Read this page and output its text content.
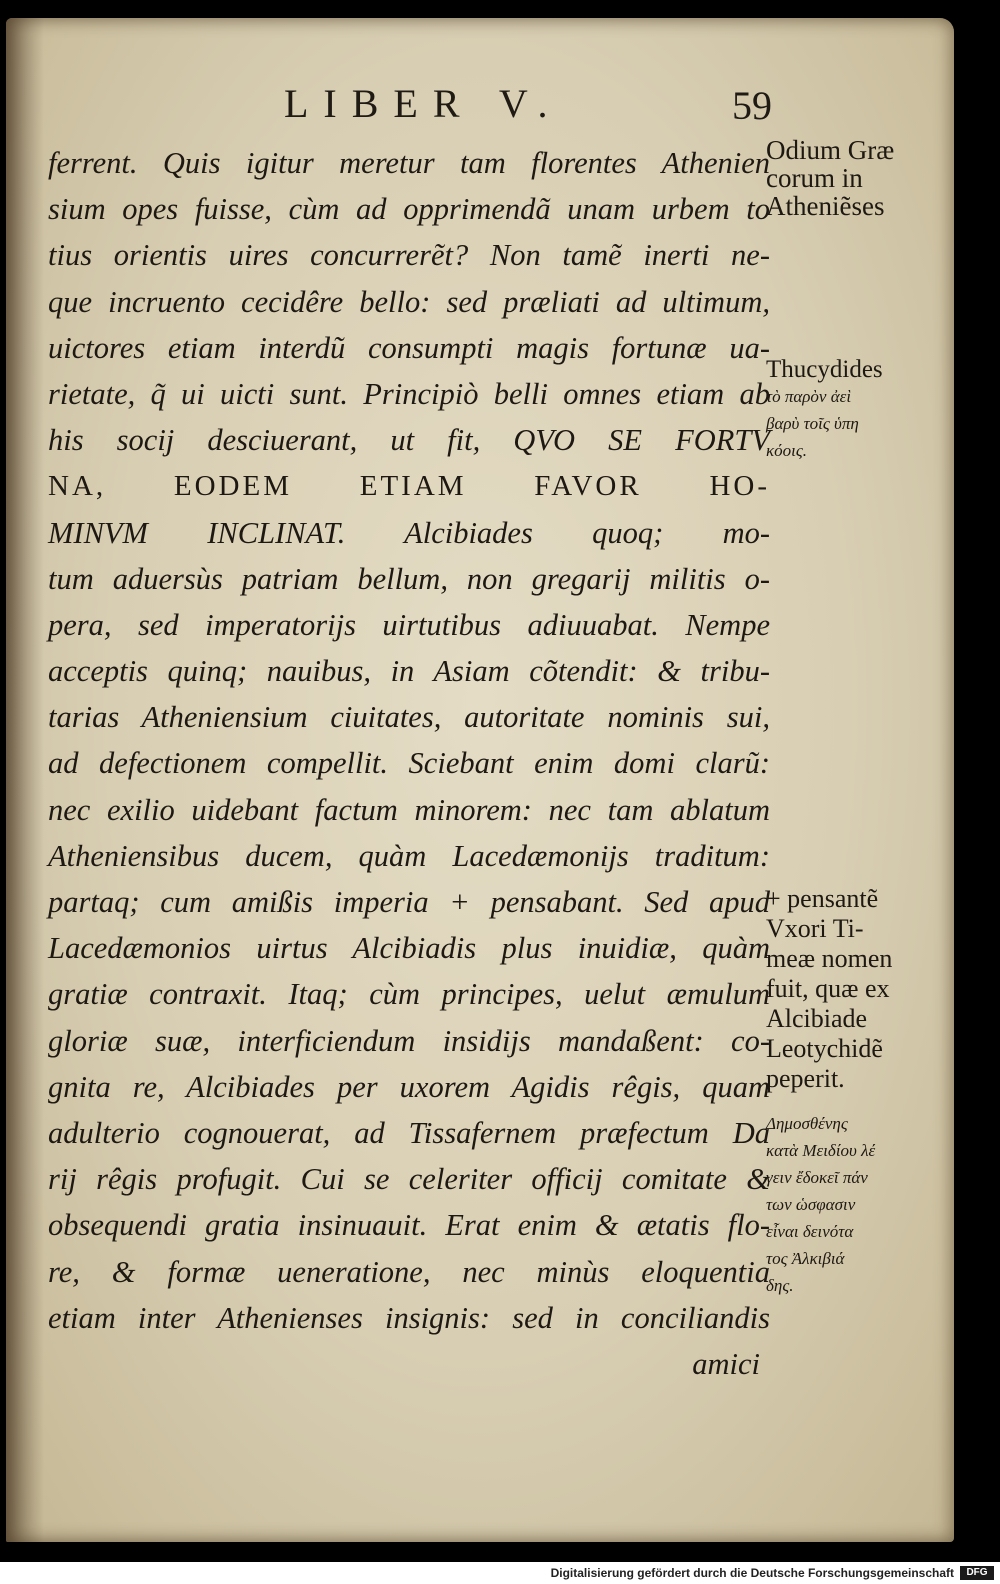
LIBER V.	59
ferrent. Quis igitur meretur tam florentes Athenien
sium opes fuisse, cùm ad opprimendã unam urbem to
tius orientis uires concurrerẽt? Non tamẽ inerti ne-
que incruento cecidêre bello: sed præliati ad ultimum,
uictores etiam interdũ consumpti magis fortunæ ua-
rietate, q̃ ui uicti sunt. Principiò belli omnes etiam ab
his socij desciuerant, ut fit, QVO SE FORTV
NA, EODEM ETIAM FAVOR HO-
MINVM INCLINAT. Alcibiades quoq; mo-
tum aduersùs patriam bellum, non gregarij militis o-
pera, sed imperatorijs uirtutibus adiuuabat. Nempe
acceptis quinq; nauibus, in Asiam cõtendit: & tribu-
tarias Atheniensium ciuitates, autoritate nominis sui,
ad defectionem compellit. Sciebant enim domi clarũ:
nec exilio uidebant factum minorem: nec tam ablatum
Atheniensibus ducem, quàm Lacedæmonijs traditum:
partaq; cum amißis imperia + pensabant. Sed apud
Lacedæmonios uirtus Alcibiadis plus inuidiæ, quàm
gratiæ contraxit. Itaq; cùm principes, uelut æmulum
gloriæ suæ, interficiendum insidijs mandaßent: co-
gnita re, Alcibiades per uxorem Agidis rêgis, quam
adulterio cognouerat, ad Tissafernem præfectum Da
rij rêgis profugit. Cui se celeriter officij comitate &
obsequendi gratia insinuauit. Erat enim & ætatis flo-
re, & formæ ueneratione, nec minùs eloquentia
etiam inter Athenienses insignis: sed in conciliandis
amici
Odium Græ
corum in
Atheniẽses
Thucydides
τὸ παρὸν ἀεὶ
βαρὺ τοῖς ὑπη
κόοις.
+ pensantẽ
Vxori Ti-
meæ nomen
fuit, quæ ex
Alcibiade
Leotychidẽ
peperit.
Δημοσθένης
κατὰ Μειδίου λέ
γειν ἔδοκεῖ πάν
των ὡσφασιν
εἶναι δεινότα
τος Ἀλκιβιά
δης.
Digitalisierung gefördert durch die Deutsche Forschungsgemeinschaft	DFG
